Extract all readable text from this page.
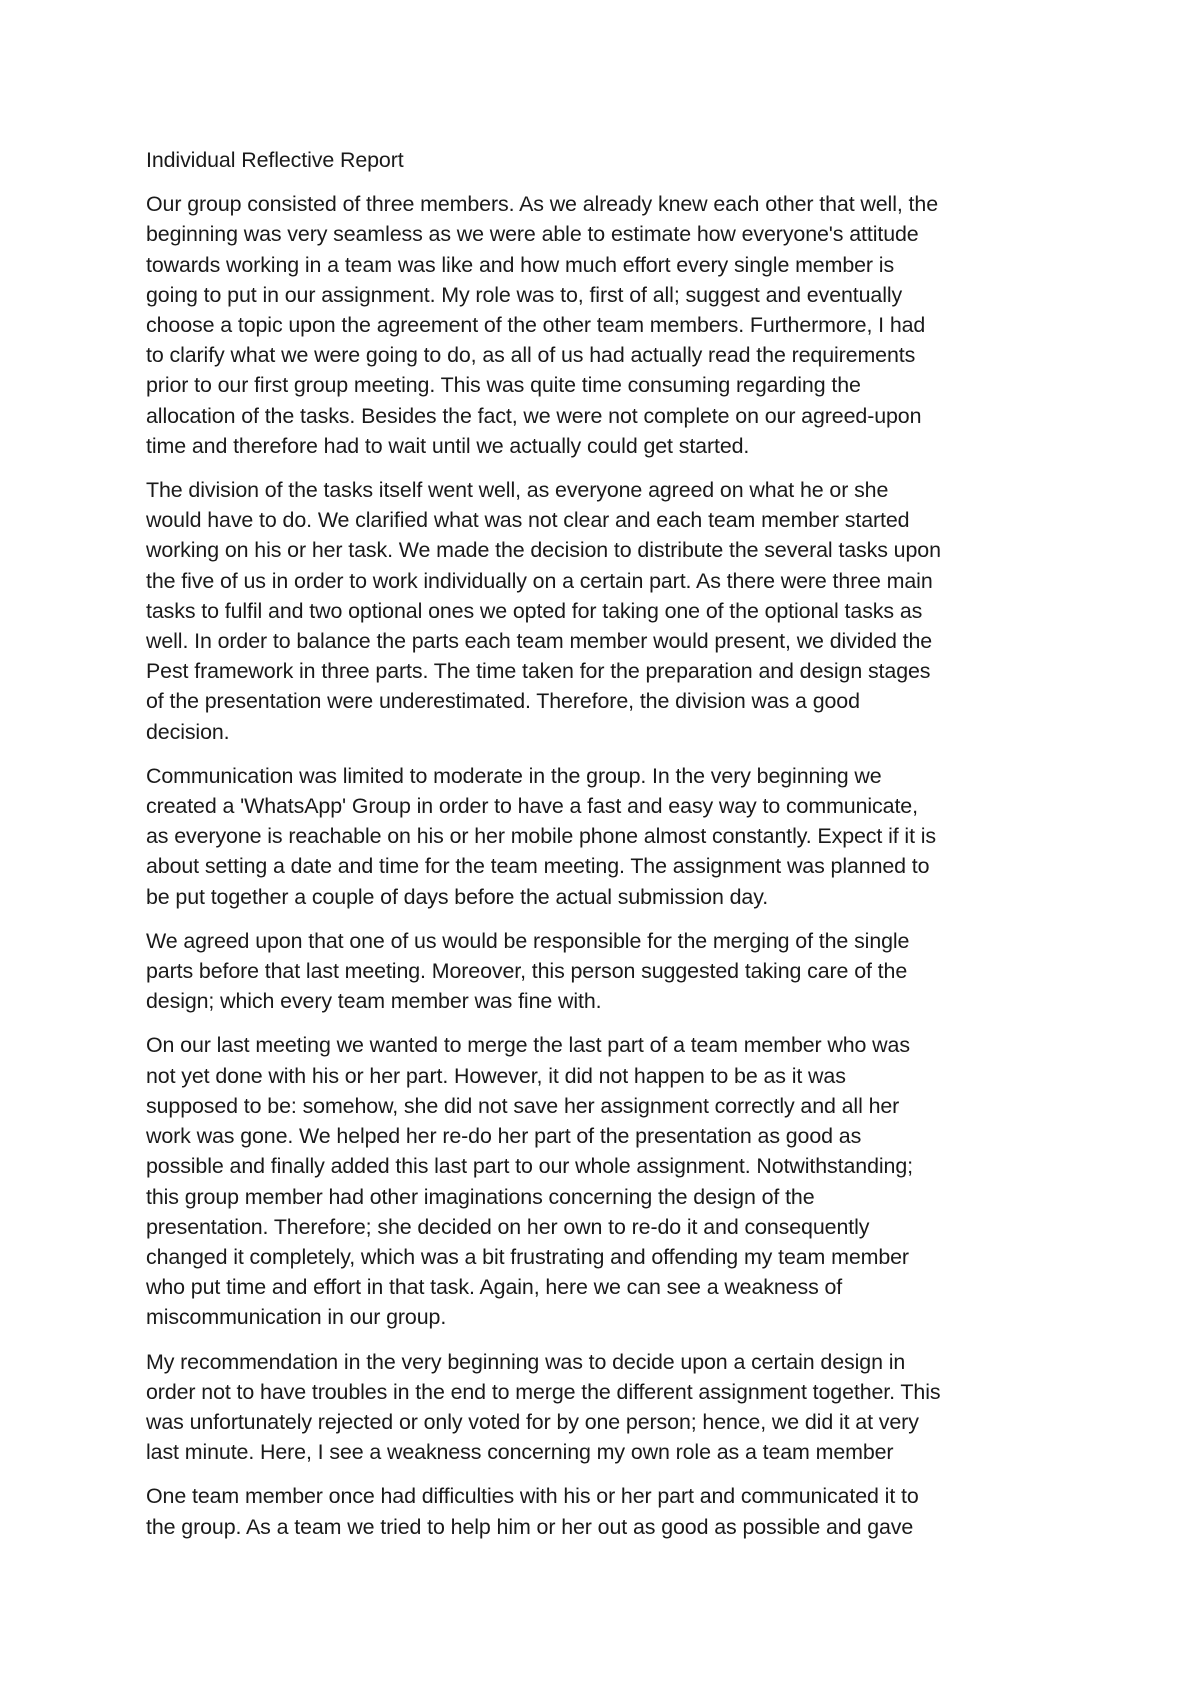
Individual Reflective Report
Our group consisted of three members. As we already knew each other that well, the
beginning was very seamless as we were able to estimate how everyone's attitude
towards working in a team was like and how much effort every single member is
going to put in our assignment. My role was to, first of all; suggest and eventually
choose a topic upon the agreement of the other team members. Furthermore, I had
to clarify what we were going to do, as all of us had actually read the requirements
prior to our first group meeting. This was quite time consuming regarding the
allocation of the tasks. Besides the fact, we were not complete on our agreed-upon
time and therefore had to wait until we actually could get started.
The division of the tasks itself went well, as everyone agreed on what he or she
would have to do. We clarified what was not clear and each team member started
working on his or her task. We made the decision to distribute the several tasks upon
the five of us in order to work individually on a certain part. As there were three main
tasks to fulfil and two optional ones we opted for taking one of the optional tasks as
well. In order to balance the parts each team member would present, we divided the
Pest framework in three parts. The time taken for the preparation and design stages
of the presentation were underestimated. Therefore, the division was a good
decision.
Communication was limited to moderate in the group. In the very beginning we
created a 'WhatsApp' Group in order to have a fast and easy way to communicate,
as everyone is reachable on his or her mobile phone almost constantly. Expect if it is
about setting a date and time for the team meeting. The assignment was planned to
be put together a couple of days before the actual submission day.
We agreed upon that one of us would be responsible for the merging of the single
parts before that last meeting. Moreover, this person suggested taking care of the
design; which every team member was fine with.
On our last meeting we wanted to merge the last part of a team member who was
not yet done with his or her part. However, it did not happen to be as it was
supposed to be: somehow, she did not save her assignment correctly and all her
work was gone. We helped her re-do her part of the presentation as good as
possible and finally added this last part to our whole assignment. Notwithstanding;
this group member had other imaginations concerning the design of the
presentation. Therefore; she decided on her own to re-do it and consequently
changed it completely, which was a bit frustrating and offending my team member
who put time and effort in that task. Again, here we can see a weakness of
miscommunication in our group.
My recommendation in the very beginning was to decide upon a certain design in
order not to have troubles in the end to merge the different assignment together. This
was unfortunately rejected or only voted for by one person; hence, we did it at very
last minute. Here, I see a weakness concerning my own role as a team member
One team member once had difficulties with his or her part and communicated it to
the group. As a team we tried to help him or her out as good as possible and gave
